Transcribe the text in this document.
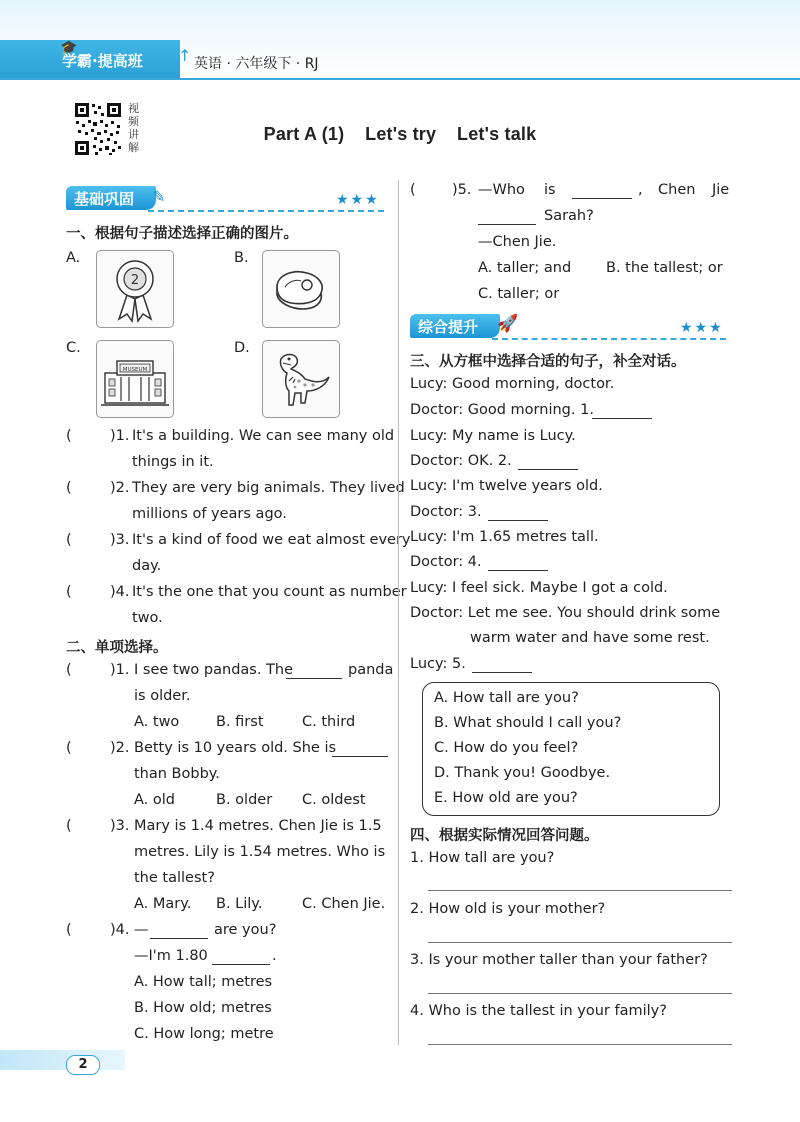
🎓
学霸·提高班 ↑ 英语 · 六年级下 · RJ
视频讲解
Part A (1)    Let's try    Let's talk
基础巩固 ✎	★★★
一、根据句子描述选择正确的图片。
A.
2
B.
C.
MUSEUM
D.
(	)1. It's a building. We can see many old
things in it.
(	)2. They are very big animals. They lived
millions of years ago.
(	)3. It's a kind of food we eat almost every
day.
(	)4. It's the one that you count as number
two.
二、单项选择。
(	)1. I see two pandas. The	panda
is older.
A. two	B. first	C. third
(	)2. Betty is 10 years old. She is
than Bobby.
A. old	B. older C. oldest
(	)3. Mary is 1.4 metres. Chen Jie is 1.5
metres. Lily is 1.54 metres. Who is
the tallest?
A. Mary. B. Lily.	C. Chen Jie.
(	)4. —	are you?
—I'm 1.80	.
A. How tall; metres
B. How old; metres
C. How long; metre
(	)5. —Who is	, Chen Jie
Sarah?
—Chen Jie.
A. taller; and B. the tallest; or
C. taller; or
综合提升 🚀	★★★
三、从方框中选择合适的句子，补全对话。
Lucy: Good morning, doctor.
Doctor: Good morning. 1.
Lucy: My name is Lucy.
Doctor: OK. 2.
Lucy: I'm twelve years old.
Doctor: 3.
Lucy: I'm 1.65 metres tall.
Doctor: 4.
Lucy: I feel sick. Maybe I got a cold.
Doctor: Let me see. You should drink some
warm water and have some rest.
Lucy: 5.
A. How tall are you?
B. What should I call you?
C. How do you feel?
D. Thank you! Goodbye.
E. How old are you?
四、根据实际情况回答问题。
1. How tall are you?
2. How old is your mother?
3. Is your mother taller than your father?
4. Who is the tallest in your family?
2
